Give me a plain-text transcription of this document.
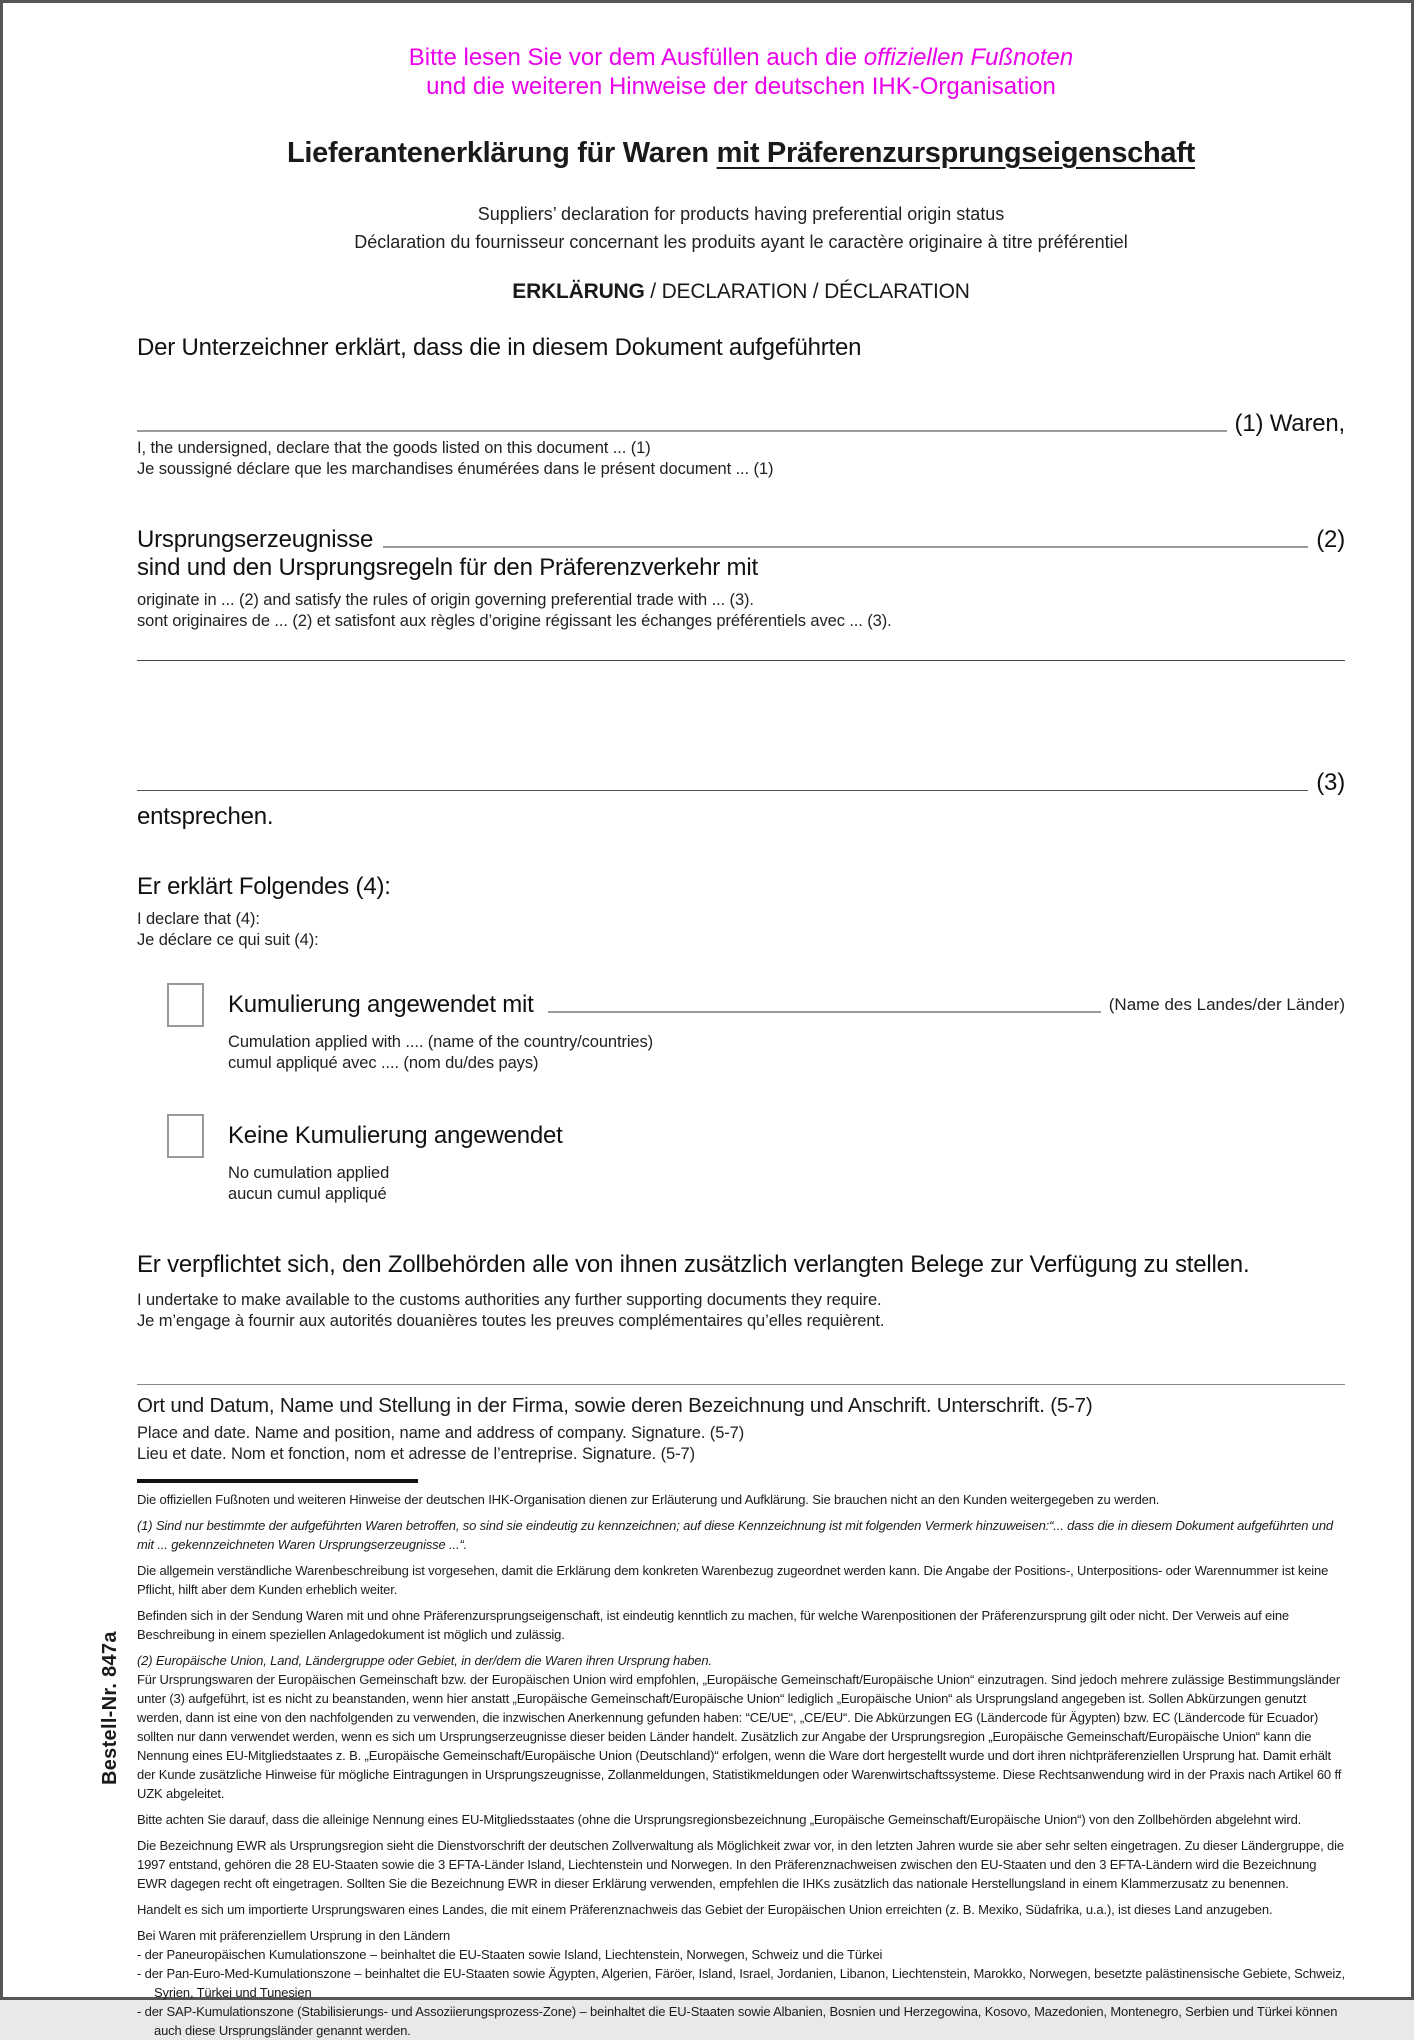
Bitte lesen Sie vor dem Ausfüllen auch die offiziellen Fußnoten
und die weiteren Hinweise der deutschen IHK-Organisation
Lieferantenerklärung für Waren mit Präferenzursprungseigenschaft
Suppliers’ declaration for products having preferential origin status
Déclaration du fournisseur concernant les produits ayant le caractère originaire à titre préférentiel
ERKLÄRUNG / DECLARATION / DÉCLARATION
Der Unterzeichner erklärt, dass die in diesem Dokument aufgeführten
(1) Waren,
I, the undersigned, declare that the goods listed on this document ... (1)
Je soussigné déclare que les marchandises énumérées dans le présent document ... (1)
Ursprungserzeugnisse	(2)
sind und den Ursprungsregeln für den Präferenzverkehr mit
originate in ... (2) and satisfy the rules of origin governing preferential trade with ... (3).
sont originaires de ... (2) et satisfont aux règles d’origine régissant les échanges préférentiels avec ... (3).
(3)
entsprechen.
Er erklärt Folgendes (4):
I declare that (4):
Je déclare ce qui suit (4):
Kumulierung angewendet mit	(Name des Landes/der Länder)
Cumulation applied with .... (name of the country/countries)
cumul appliqué avec .... (nom du/des pays)
Keine Kumulierung angewendet
No cumulation applied
aucun cumul appliqué
Er verpflichtet sich, den Zollbehörden alle von ihnen zusätzlich verlangten Belege zur Verfügung zu stellen.
I undertake to make available to the customs authorities any further supporting documents they require.
Je m’engage à fournir aux autorités douanières toutes les preuves complémentaires qu’elles requièrent.
Ort und Datum, Name und Stellung in der Firma, sowie deren Bezeichnung und Anschrift. Unterschrift. (5-7)
Place and date. Name and position, name and address of company. Signature. (5-7)
Lieu et date. Nom et fonction, nom et adresse de l’entreprise. Signature. (5-7)

Die offiziellen Fußnoten und weiteren Hinweise der deutschen IHK-Organisation dienen zur Erläuterung und Aufklärung. Sie brauchen nicht an den Kunden weitergegeben zu werden.

(1) Sind nur bestimmte der aufgeführten Waren betroffen, so sind sie eindeutig zu kennzeichnen; auf diese Kennzeichnung ist mit folgenden Vermerk hinzuweisen:“... dass die in diesem Dokument aufgeführten und mit ... gekennzeichneten Waren Ursprungserzeugnisse ...“.

Die allgemein verständliche Warenbeschreibung ist vorgesehen, damit die Erklärung dem konkreten Warenbezug zugeordnet werden kann. Die Angabe der Positions-, Unterpositions- oder Warennummer ist keine Pflicht, hilft aber dem Kunden erheblich weiter.

Befinden sich in der Sendung Waren mit und ohne Präferenzursprungseigenschaft, ist eindeutig kenntlich zu machen, für welche Warenpositionen der Präferenzursprung gilt oder nicht. Der Verweis auf eine Beschreibung in einem speziellen Anlagedokument ist möglich und zulässig.

(2) Europäische Union, Land, Ländergruppe oder Gebiet, in der/dem die Waren ihren Ursprung haben.

Für Ursprungswaren der Europäischen Gemeinschaft bzw. der Europäischen Union wird empfohlen, „Europäische Gemeinschaft/Europäische Union“ einzutragen. Sind jedoch mehrere zulässige Bestimmungsländer unter (3) aufgeführt, ist es nicht zu beanstanden, wenn hier anstatt „Europäische Gemeinschaft/Europäische Union“ lediglich „Europäische Union“ als Ursprungsland angegeben ist. Sollen Abkürzungen genutzt werden, dann ist eine von den nachfolgenden zu verwenden, die inzwischen Anerkennung gefunden haben: “CE/UE“, „CE/EU“. Die Abkürzungen EG (Ländercode für Ägypten) bzw. EC (Ländercode für Ecuador) sollten nur dann verwendet werden, wenn es sich um Ursprungserzeugnisse dieser beiden Länder handelt. Zusätzlich zur Angabe der Ursprungsregion „Europäische Gemeinschaft/Europäische Union“ kann die Nennung eines EU-Mitgliedstaates z. B. „Europäische Gemeinschaft/Europäische Union (Deutschland)“ erfolgen, wenn die Ware dort hergestellt wurde und dort ihren nichtpräferenziellen Ursprung hat. Damit erhält der Kunde zusätzliche Hinweise für mögliche Eintragungen in Ursprungszeugnisse, Zollanmeldungen, Statistikmeldungen oder Warenwirtschaftssysteme. Diese Rechtsanwendung wird in der Praxis nach Artikel 60 ff UZK abgeleitet.

Bitte achten Sie darauf, dass die alleinige Nennung eines EU-Mitgliedsstaates (ohne die Ursprungsregionsbezeichnung „Europäische Gemeinschaft/Europäische Union“) von den Zollbehörden abgelehnt wird.

Die Bezeichnung EWR als Ursprungsregion sieht die Dienstvorschrift der deutschen Zollverwaltung als Möglichkeit zwar vor, in den letzten Jahren wurde sie aber sehr selten eingetragen. Zu dieser Ländergruppe, die 1997 entstand, gehören die 28 EU-Staaten sowie die 3 EFTA-Länder Island, Liechtenstein und Norwegen. In den Präferenznachweisen zwischen den EU-Staaten und den 3 EFTA-Ländern wird die Bezeichnung EWR dagegen recht oft eingetragen. Sollten Sie die Bezeichnung EWR in dieser Erklärung verwenden, empfehlen die IHKs zusätzlich das nationale Herstellungsland in einem Klammerzusatz zu benennen.

Handelt es sich um importierte Ursprungswaren eines Landes, die mit einem Präferenznachweis das Gebiet der Europäischen Union erreichten (z. B. Mexiko, Südafrika, u.a.), ist dieses Land anzugeben.

Bei Waren mit präferenziellem Ursprung in den Ländern

- der Paneuropäischen Kumulationszone – beinhaltet die EU-Staaten sowie Island, Liechtenstein, Norwegen, Schweiz und die Türkei
- der Pan-Euro-Med-Kumulationszone – beinhaltet die EU-Staaten sowie Ägypten, Algerien, Färöer, Island, Israel, Jordanien, Libanon, Liechtenstein, Marokko, Norwegen, besetzte palästinensische Gebiete, Schweiz, Syrien, Türkei und Tunesien
- der SAP-Kumulationszone (Stabilisierungs- und Assoziierungsprozess-Zone) – beinhaltet die EU-Staaten sowie Albanien, Bosnien und Herzegowina, Kosovo, Mazedonien, Montenegro, Serbien und Türkei können auch diese Ursprungsländer genannt werden.
Bestell-Nr. 847a
